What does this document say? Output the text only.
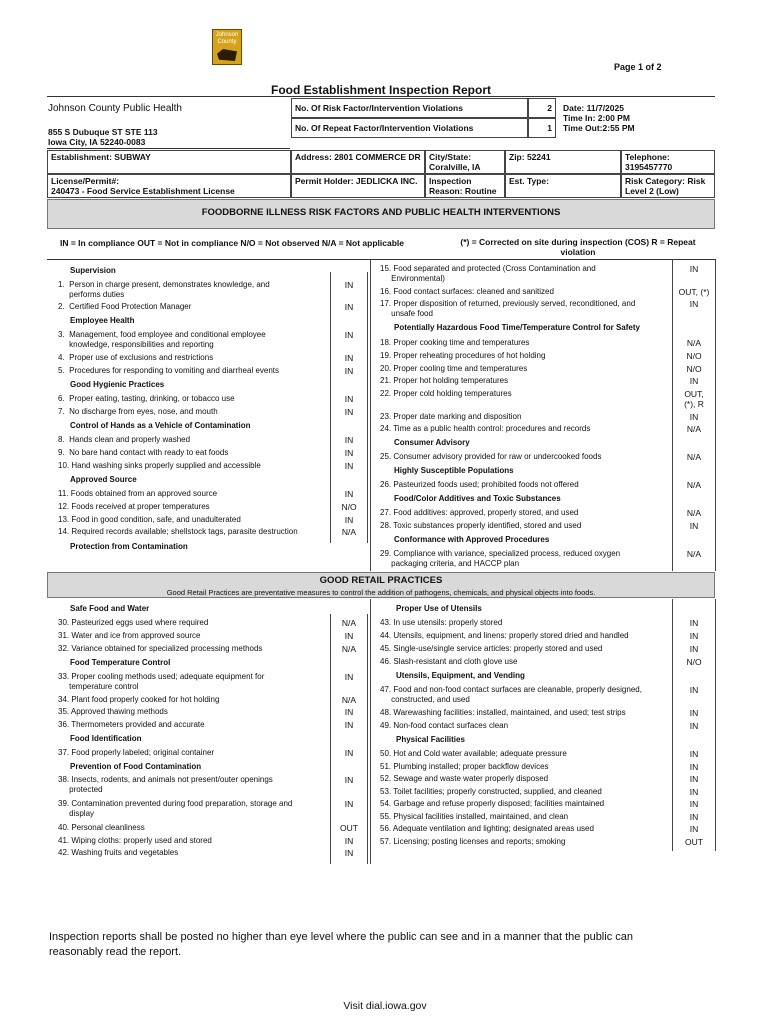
Johnson County
Page 1 of 2
Food Establishment Inspection Report
Johnson County Public Health
855 S Dubuque ST STE 113
Iowa City, IA 52240-0083
No. Of Risk Factor/Intervention Violations	2
No. Of Repeat Factor/Intervention Violations	1
Date: 11/7/2025
Time In: 2:00 PM
Time Out:2:55 PM
Establishment: SUBWAY	Address: 2801 COMMERCE DR City/State:
Coralville, IA
Zip: 52241	Telephone:
3195457770
License/Permit#:
240473 - Food Service Establishment License
Permit Holder: JEDLICKA INC.	Inspection
Reason: Routine
Est. Type:	Risk Category: Risk
Level 2 (Low)
FOODBORNE ILLNESS RISK FACTORS AND PUBLIC HEALTH INTERVENTIONS
IN = In compliance OUT = Not in compliance N/O = Not observed N/A = Not applicable	(*) = Corrected on site during inspection (COS) R = Repeat
violation
Supervision
1.  Person in charge present, demonstrates knowledge, and
performs duties
IN
2.  Certified Food Protection Manager	IN
Employee Health
3.  Management, food employee and conditional employee
knowledge, responsibilities and reporting
IN
4.  Proper use of exclusions and restrictions	IN
5.  Procedures for responding to vomiting and diarrheal events	IN
Good Hygienic Practices
6.  Proper eating, tasting, drinking, or tobacco use	IN
7.  No discharge from eyes, nose, and mouth	IN
Control of Hands as a Vehicle of Contamination
8.  Hands clean and properly washed	IN
9.  No bare hand contact with ready to eat foods	IN
10. Hand washing sinks properly supplied and accessible	IN
Approved Source
11. Foods obtained from an approved source	IN
12. Foods received at proper temperatures	N/O
13. Food in good condition, safe, and unadulterated	IN
14. Required records available; shellstock tags, parasite destruction	N/A
Protection from Contamination
15. Food separated and protected (Cross Contamination and
Environmental)
IN
16. Food contact surfaces: cleaned and sanitized	OUT, (*)
17. Proper disposition of returned, previously served, reconditioned, and
unsafe food
IN
Potentially Hazardous Food Time/Temperature Control for Safety
18. Proper cooking time and temperatures	N/A
19. Proper reheating procedures of hot holding	N/O
20. Proper cooling time and temperatures	N/O
21. Proper hot holding temperatures	IN
22. Proper cold holding temperatures	OUT,
(*), R
23. Proper date marking and disposition	IN
24. Time as a public health control: procedures and records	N/A
Consumer Advisory
25. Consumer advisory provided for raw or undercooked foods	N/A
Highly Susceptible Populations
26. Pasteurized foods used; prohibited foods not offered	N/A
Food/Color Additives and Toxic Substances
27. Food additives: approved, properly stored, and used	N/A
28. Toxic substances properly identified, stored and used	IN
Conformance with Approved Procedures
29. Compliance with variance, specialized process, reduced oxygen
packaging criteria, and HACCP plan
N/A
GOOD RETAIL PRACTICES
Good Retail Practices are preventative measures to control the addition of pathogens, chemicals, and physical objects into foods.
Safe Food and Water
30. Pasteurized eggs used where required	N/A
31. Water and ice from approved source	IN
32. Variance obtained for specialized processing methods	N/A
Food Temperature Control
33. Proper cooling methods used; adequate equipment for
temperature control
IN
34. Plant food properly cooked for hot holding	N/A
35. Approved thawing methods	IN
36. Thermometers provided and accurate	IN
Food Identification
37. Food properly labeled; original container	IN
Prevention of Food Contamination
38. Insects, rodents, and animals not present/outer openings
protected
IN
39. Contamination prevented during food preparation, storage and
display
IN
40. Personal cleanliness	OUT
41. Wiping cloths: properly used and stored	IN
42. Washing fruits and vegetables	IN
Proper Use of Utensils
43. In use utensils: properly stored	IN
44. Utensils, equipment, and linens: properly stored dried and handled	IN
45. Single-use/single service articles: properly stored and used	IN
46. Slash-resistant and cloth glove use	N/O
Utensils, Equipment, and Vending
47. Food and non-food contact surfaces are cleanable, properly designed,
constructed, and used
IN
48. Warewashing facilities: installed, maintained, and used; test strips	IN
49. Non-food contact surfaces clean	IN
Physical Facilities
50. Hot and Cold water available; adequate pressure	IN
51. Plumbing installed; proper backflow devices	IN
52. Sewage and waste water properly disposed	IN
53. Toilet facilities; properly constructed, supplied, and cleaned	IN
54. Garbage and refuse properly disposed; facilities maintained	IN
55. Physical facilities installed, maintained, and clean	IN
56. Adequate ventilation and lighting; designated areas used	IN
57. Licensing; posting licenses and reports; smoking	OUT
Inspection reports shall be posted no higher than eye level where the public can see and in a manner that the public can reasonably read the report.
Visit dial.iowa.gov
